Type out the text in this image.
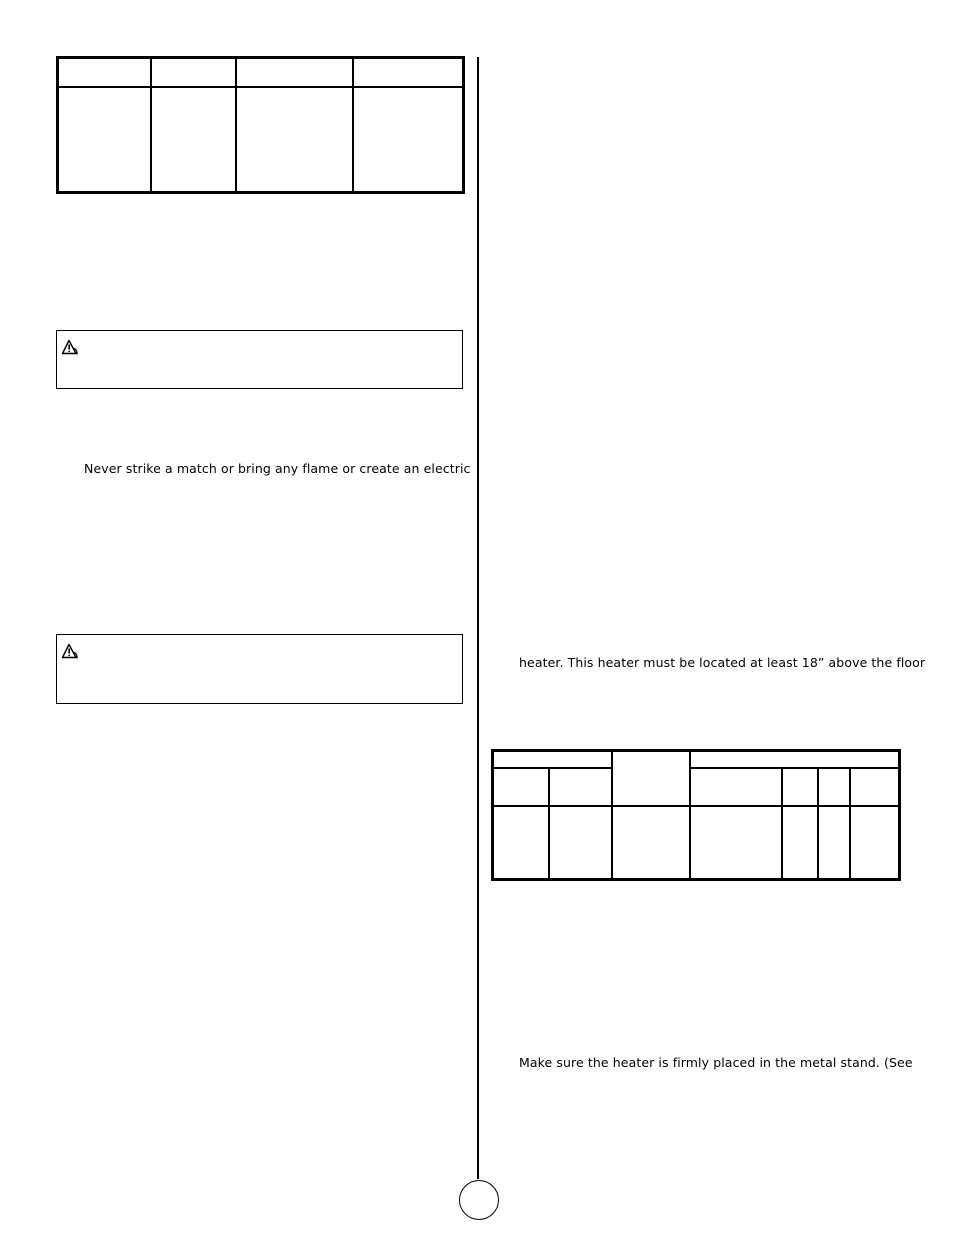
Never strike a match or bring any flame or create an electric
heater. This heater must be located at least 18” above the floor
Make sure the heater is firmly placed in the metal stand. (See
